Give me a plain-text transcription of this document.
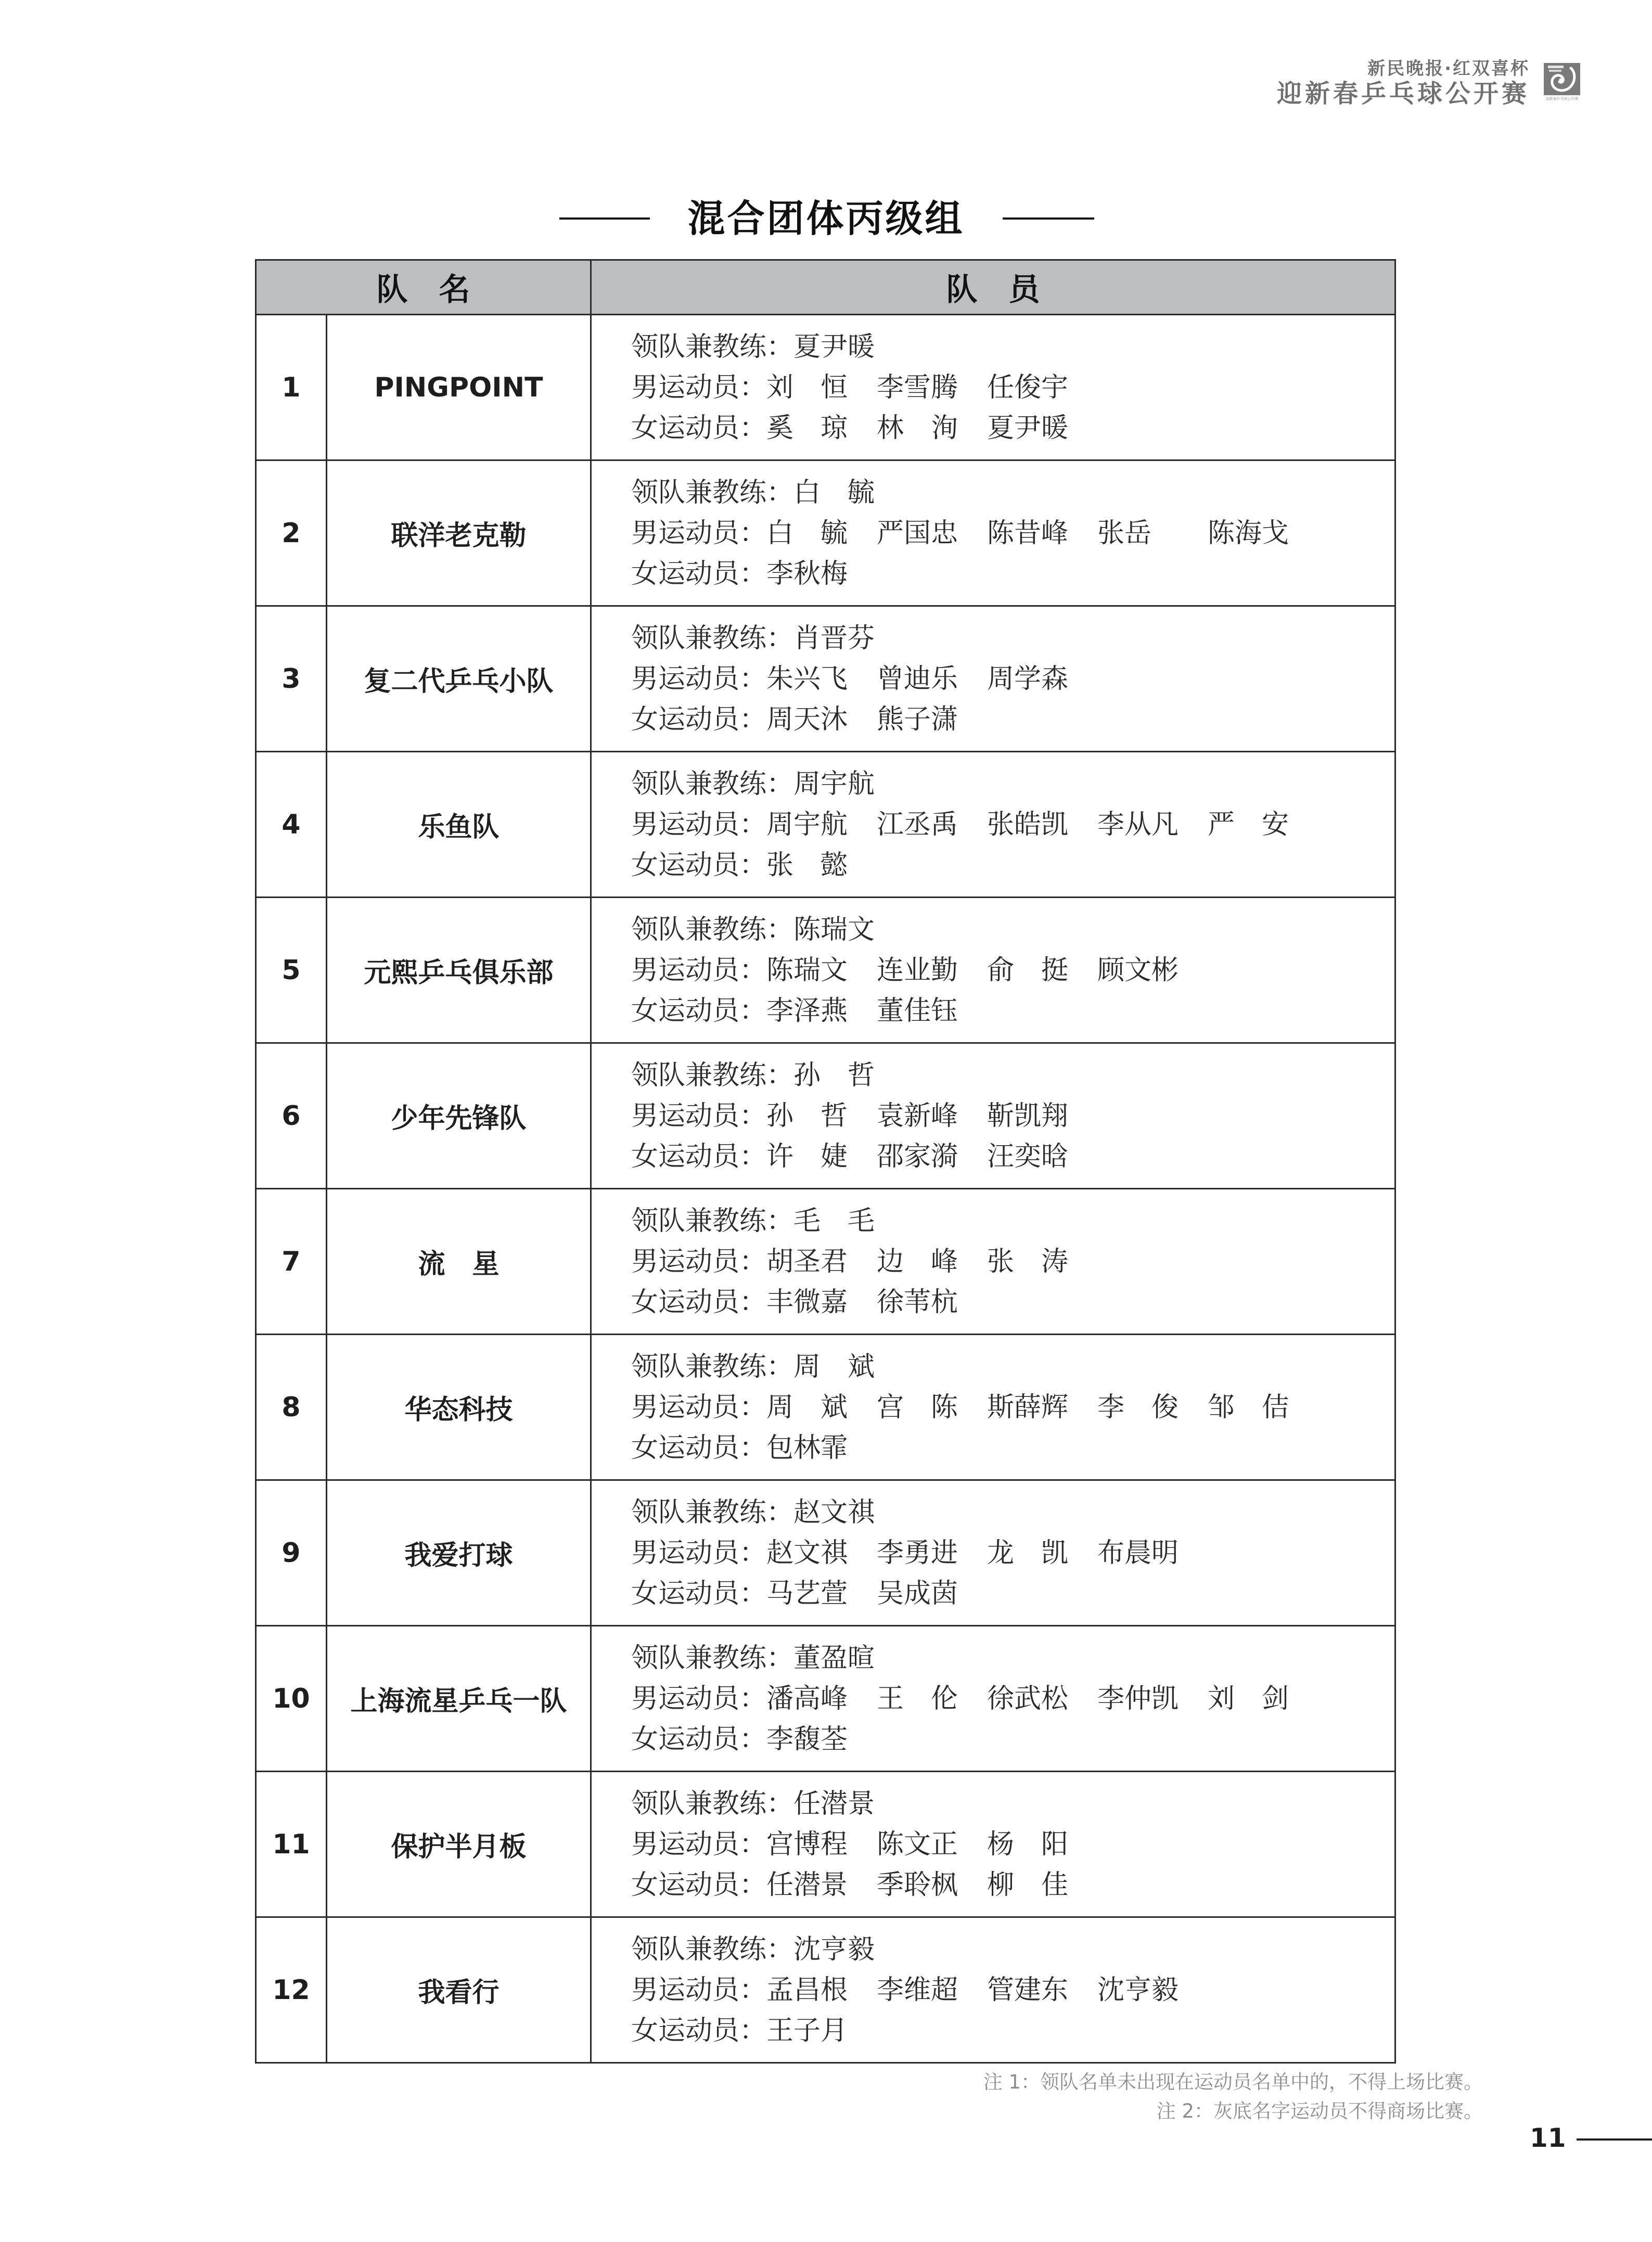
新民晚报·红双喜杯
迎新春乒乓球公开赛	迎新春乒乓球公开赛
混合团体丙级组
队 名		队 员
1	PINGPOINT	领队兼教练：夏尹暖
男运动员：刘　恒 李雪腾 任俊宇
女运动员：奚　琼 林　洵 夏尹暖

2	联洋老克勒	领队兼教练：白　毓
男运动员：白　毓 严国忠 陈昔峰 张岳 陈海戈
女运动员：李秋梅

3	复二代乒乓小队	领队兼教练：肖晋芬
男运动员：朱兴飞 曾迪乐 周学森
女运动员：周天沐 熊子潇

4	乐鱼队	领队兼教练：周宇航
男运动员：周宇航 江丞禹 张皓凯 李从凡 严　安
女运动员：张　懿

5	元熙乒乓俱乐部	领队兼教练：陈瑞文
男运动员：陈瑞文 连业勤 俞　挺 顾文彬
女运动员：李泽燕 董佳钰

6	少年先锋队	领队兼教练：孙　哲
男运动员：孙　哲 袁新峰 靳凯翔
女运动员：许　婕 邵家漪 汪奕晗

7	流　星	领队兼教练：毛　毛
男运动员：胡圣君 边　峰 张　涛
女运动员：丰微嘉 徐苇杭

8	华态科技	领队兼教练：周　斌
男运动员：周　斌 宫　陈 斯薛辉 李　俊 邹　佶
女运动员：包林霏

9	我爱打球	领队兼教练：赵文祺
男运动员：赵文祺 李勇进 龙　凯 布晨明
女运动员：马艺萱 吴成茵

10	上海流星乒乓一队	领队兼教练：董盈暄
男运动员：潘高峰 王　伦 徐武松 李仲凯 刘　剑
女运动员：李馥荃

11	保护半月板	领队兼教练：任潜景
男运动员：宫博程 陈文正 杨　阳
女运动员：任潜景 季聆枫 柳　佳

12	我看行	领队兼教练：沈亨毅
男运动员：孟昌根 李维超 管建东 沈亨毅
女运动员：王子月
注 1：领队名单未出现在运动员名单中的，不得上场比赛。
注 2：灰底名字运动员不得商场比赛。
11
